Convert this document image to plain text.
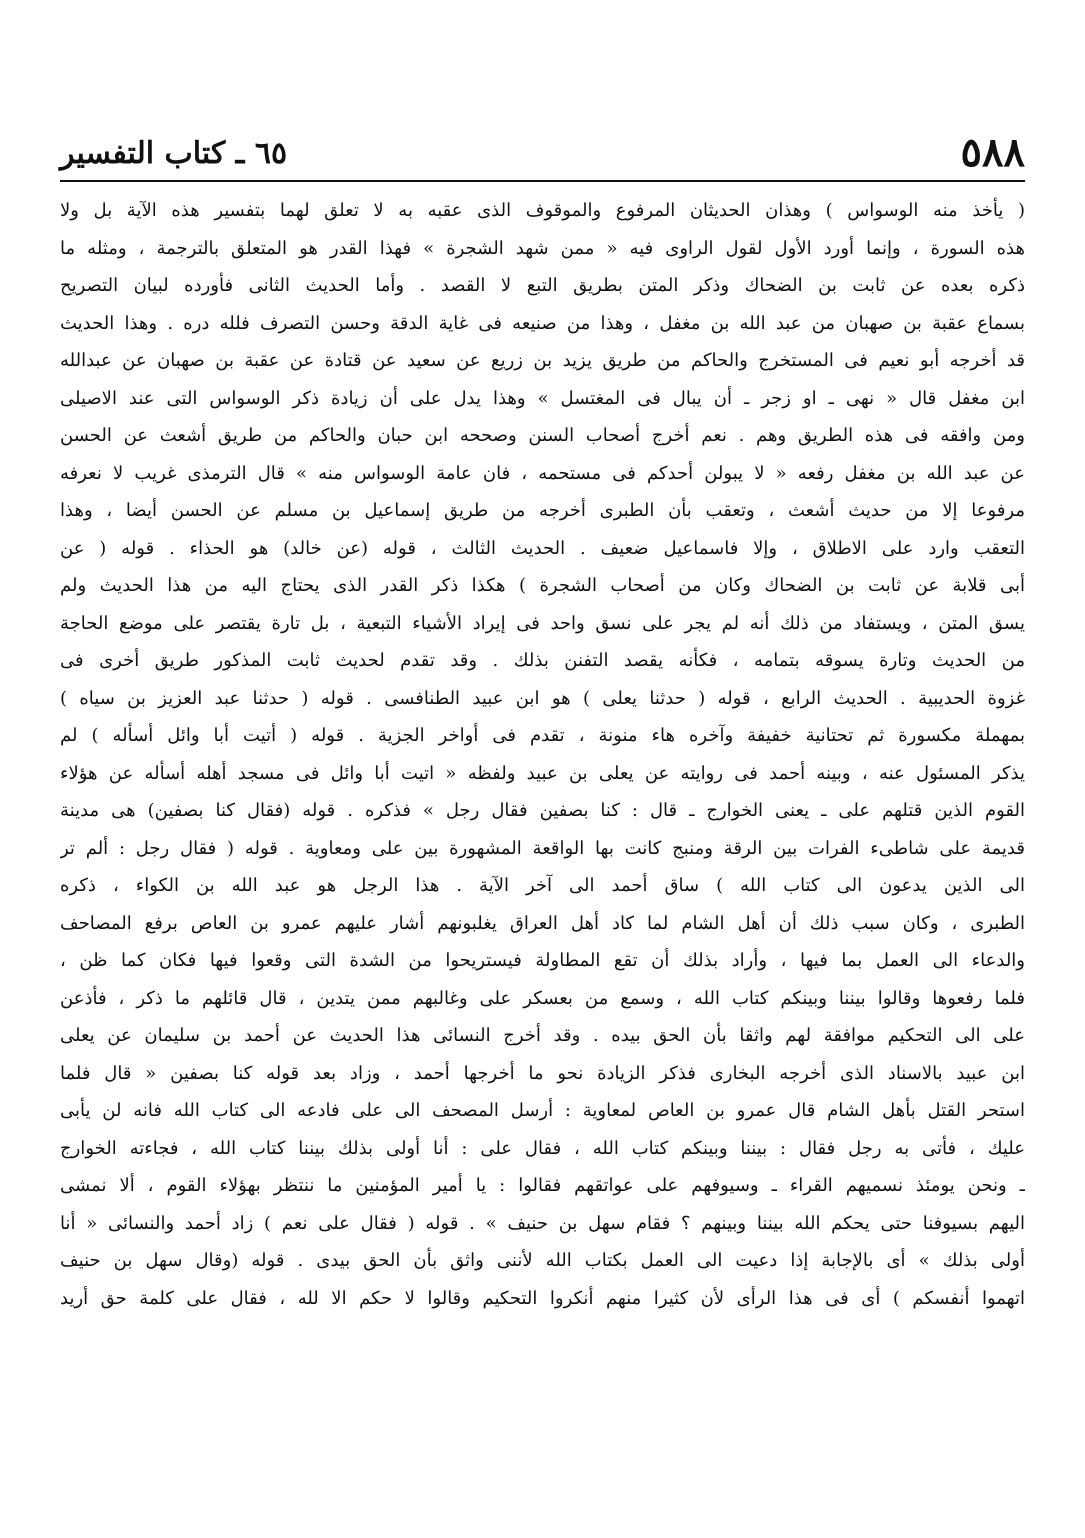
٥٨٨
٦٥ ـ كتاب التفسير
( يأخذ منه الوسواس ) وهذان الحديثان المرفوع والموقوف الذى عقبه به لا تعلق لهما بتفسير هذه الآية بل ولا
هذه السورة ، وإنما أورد الأول لقول الراوى فيه « ممن شهد الشجرة » فهذا القدر هو المتعلق بالترجمة ، ومثله ما
ذكره بعده عن ثابت بن الضحاك وذكر المتن بطريق التبع لا القصد . وأما الحديث الثانى فأورده لبيان التصريح
بسماع عقبة بن صهبان من عبد الله بن مغفل ، وهذا من صنيعه فى غاية الدقة وحسن التصرف فلله دره . وهذا الحديث
قد أخرجه أبو نعيم فى المستخرج والحاكم من طريق يزيد بن زريع عن سعيد عن قتادة عن عقبة بن صهبان عن عبدالله
ابن مغفل قال « نهى ـ او زجر ـ أن يبال فى المغتسل » وهذا يدل على أن زيادة ذكر الوسواس التى عند الاصيلى
ومن وافقه فى هذه الطريق وهم . نعم أخرج أصحاب السنن وصححه ابن حبان والحاكم من طريق أشعث عن الحسن
عن عبد الله بن مغفل رفعه « لا يبولن أحدكم فى مستحمه ، فان عامة الوسواس منه » قال الترمذى غريب لا نعرفه
مرفوعا إلا من حديث أشعث ، وتعقب بأن الطبرى أخرجه من طريق إسماعيل بن مسلم عن الحسن أيضا ، وهذا
التعقب وارد على الاطلاق ، وإلا فاسماعيل ضعيف . الحديث الثالث ، قوله (عن خالد) هو الحذاء . قوله ( عن
أبى قلابة عن ثابت بن الضحاك وكان من أصحاب الشجرة ) هكذا ذكر القدر الذى يحتاج اليه من هذا الحديث ولم
يسق المتن ، ويستفاد من ذلك أنه لم يجر على نسق واحد فى إيراد الأشياء التبعية ، بل تارة يقتصر على موضع الحاجة
من الحديث وتارة يسوقه بتمامه ، فكأنه يقصد التفنن بذلك . وقد تقدم لحديث ثابت المذكور طريق أخرى فى
غزوة الحديبية . الحديث الرابع ، قوله ( حدثنا يعلى ) هو ابن عبيد الطنافسى . قوله ( حدثنا عبد العزيز بن سياه )
بمهملة مكسورة ثم تحتانية خفيفة وآخره هاء منونة ، تقدم فى أواخر الجزية . قوله ( أتيت أبا وائل أسأله ) لم
يذكر المسئول عنه ، وبينه أحمد فى روايته عن يعلى بن عبيد ولفظه « اتيت أبا وائل فى مسجد أهله أسأله عن هؤلاء
القوم الذين قتلهم على ـ يعنى الخوارج ـ قال : كنا بصفين فقال رجل » فذكره . قوله (فقال كنا بصفين) هى مدينة
قديمة على شاطىء الفرات بين الرقة ومنبج كانت بها الواقعة المشهورة بين على ومعاوية . قوله ( فقال رجل : ألم تر
الى الذين يدعون الى كتاب الله ) ساق أحمد الى آخر الآية . هذا الرجل هو عبد الله بن الكواء ، ذكره
الطبرى ، وكان سبب ذلك أن أهل الشام لما كاد أهل العراق يغلبونهم أشار عليهم عمرو بن العاص برفع المصاحف
والدعاء الى العمل بما فيها ، وأراد بذلك أن تقع المطاولة فيستريحوا من الشدة التى وقعوا فيها فكان كما ظن ،
فلما رفعوها وقالوا بيننا وبينكم كتاب الله ، وسمع من بعسكر على وغالبهم ممن يتدين ، قال قائلهم ما ذكر ، فأذعن
على الى التحكيم موافقة لهم واثقا بأن الحق بيده . وقد أخرج النسائى هذا الحديث عن أحمد بن سليمان عن يعلى
ابن عبيد بالاسناد الذى أخرجه البخارى فذكر الزيادة نحو ما أخرجها أحمد ، وزاد بعد قوله كنا بصفين « قال فلما
استحر القتل بأهل الشام قال عمرو بن العاص لمعاوية : أرسل المصحف الى على فادعه الى كتاب الله فانه لن يأبى
عليك ، فأتى به رجل فقال : بيننا وبينكم كتاب الله ، فقال على : أنا أولى بذلك بيننا كتاب الله ، فجاءته الخوارج
ـ ونحن يومئذ نسميهم القراء ـ وسيوفهم على عواتقهم فقالوا : يا أمير المؤمنين ما ننتظر بهؤلاء القوم ، ألا نمشى
اليهم بسيوفنا حتى يحكم الله بيننا وبينهم ؟ فقام سهل بن حنيف » . قوله ( فقال على نعم ) زاد أحمد والنسائى « أنا
أولى بذلك » أى بالإجابة إذا دعيت الى العمل بكتاب الله لأننى واثق بأن الحق بيدى . قوله (وقال سهل بن حنيف
اتهموا أنفسكم ) أى فى هذا الرأى لأن كثيرا منهم أنكروا التحكيم وقالوا لا حكم الا لله ، فقال على كلمة حق أريد
